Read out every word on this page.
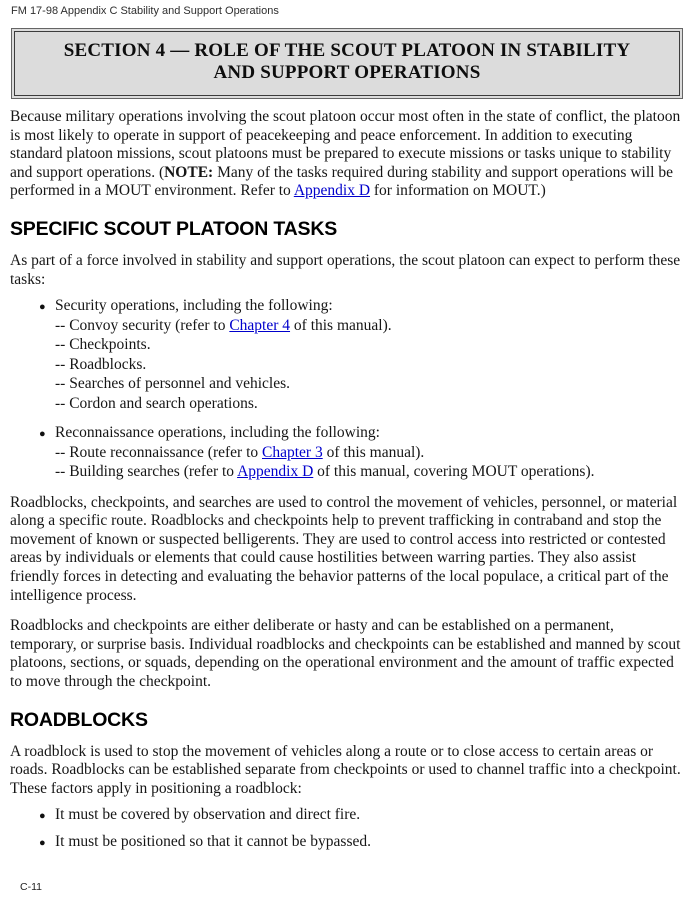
FM 17-98 Appendix C Stability and Support Operations
SECTION 4 — ROLE OF THE SCOUT PLATOON IN STABILITY
AND SUPPORT OPERATIONS

Because military operations involving the scout platoon occur most often in the state of conflict, the platoon is most likely to operate in support of peacekeeping and peace enforcement. In addition to executing standard platoon missions, scout platoons must be prepared to execute missions or tasks unique to stability and support operations. (NOTE: Many of the tasks required during stability and support operations will be performed in a MOUT environment. Refer to Appendix D for information on MOUT.)

SPECIFIC SCOUT PLATOON TASKS

As part of a force involved in stability and support operations, the scout platoon can expect to perform these tasks:

●
Security operations, including the following:
-- Convoy security (refer to Chapter 4 of this manual).
-- Checkpoints.
-- Roadblocks.
-- Searches of personnel and vehicles.
-- Cordon and search operations.
●
Reconnaissance operations, including the following:
-- Route reconnaissance (refer to Chapter 3 of this manual).
-- Building searches (refer to Appendix D of this manual, covering MOUT operations).

Roadblocks, checkpoints, and searches are used to control the movement of vehicles, personnel, or material along a specific route. Roadblocks and checkpoints help to prevent trafficking in contraband and stop the movement of known or suspected belligerents. They are used to control access into restricted or contested areas by individuals or elements that could cause hostilities between warring parties. They also assist friendly forces in detecting and evaluating the behavior patterns of the local populace, a critical part of the intelligence process.

Roadblocks and checkpoints are either deliberate or hasty and can be established on a permanent, temporary, or surprise basis. Individual roadblocks and checkpoints can be established and manned by scout platoons, sections, or squads, depending on the operational environment and the amount of traffic expected to move through the checkpoint.

ROADBLOCKS

A roadblock is used to stop the movement of vehicles along a route or to close access to certain areas or roads. Roadblocks can be established separate from checkpoints or used to channel traffic into a checkpoint. These factors apply in positioning a roadblock:

●
It must be covered by observation and direct fire.
●
It must be positioned so that it cannot be bypassed.
C-11
